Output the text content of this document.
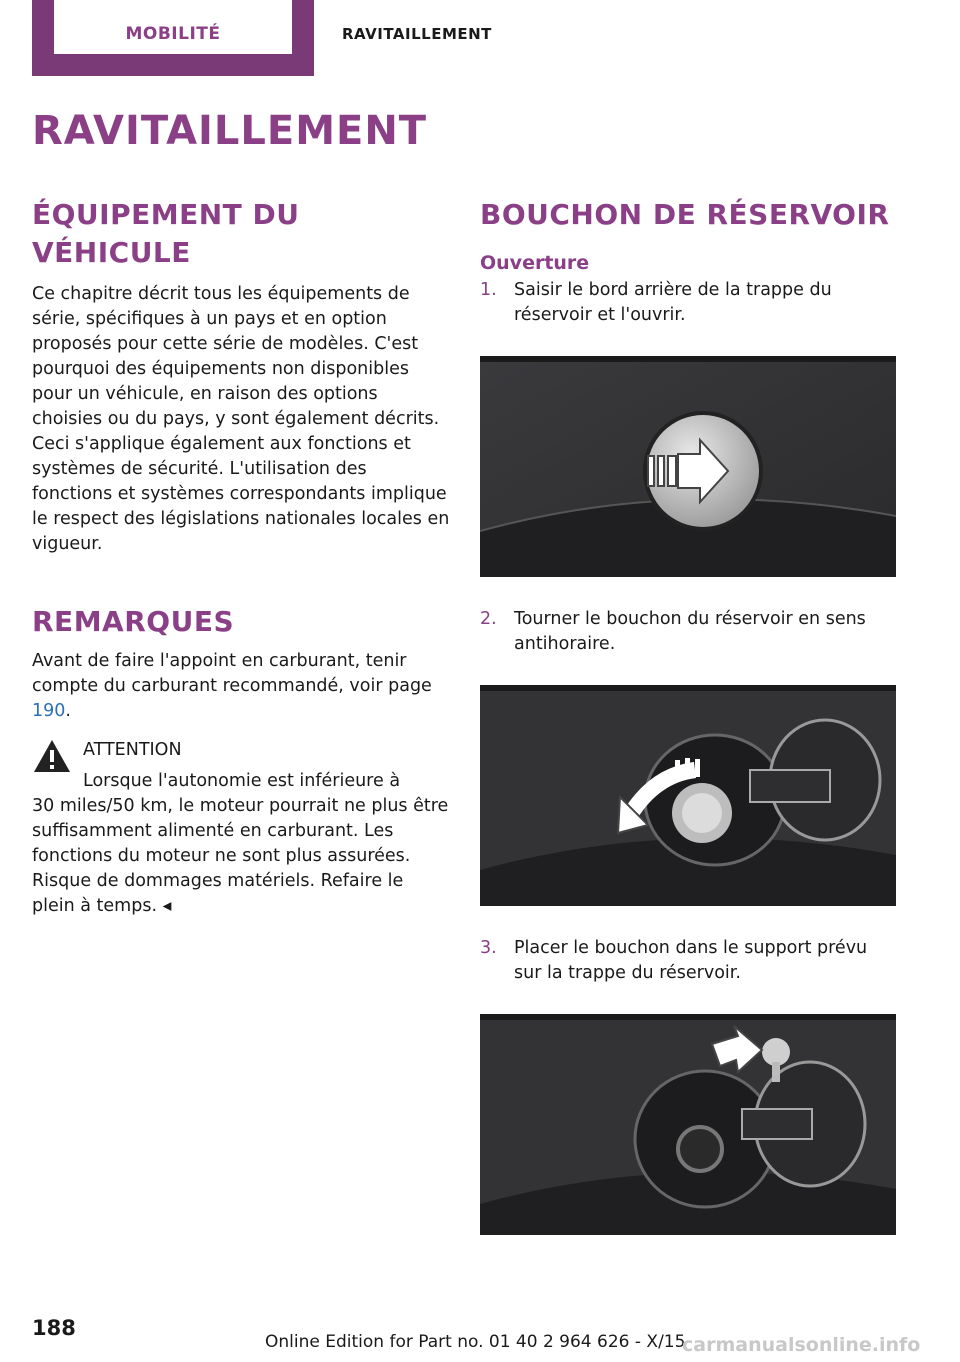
MOBILITÉ	RAVITAILLEMENT
RAVITAILLEMENT
ÉQUIPEMENT DU VÉHICULE

Ce chapitre décrit tous les équipements de série, spécifiques à un pays et en option proposés pour cette série de modèles. C'est pourquoi des équipements non disponibles pour un véhicule, en raison des options choisies ou du pays, y sont également décrits. Ceci s'applique également aux fonctions et systèmes de sécurité. L'utilisation des fonctions et systèmes correspondants implique le respect des législations nationales locales en vigueur.

REMARQUES

Avant de faire l'appoint en carburant, tenir compte du carburant recommandé, voir page 190.

ATTENTION

Lorsque l'autonomie est inférieure à

30 miles/50 km, le moteur pourrait ne plus être suffisamment alimenté en carburant. Les fonctions du moteur ne sont plus assurées. Risque de dommages matériels. Refaire le plein à temps. ◂

BOUCHON DE RÉSERVOIR
Ouverture
1. Saisir le bord arrière de la trappe du réservoir et l'ouvrir.
2. Tourner le bouchon du réservoir en sens antihoraire.
3. Placer le bouchon dans le support prévu sur la trappe du réservoir.
188
Online Edition for Part no. 01 40 2 964 626 - X/15
carmanualsonline.info
